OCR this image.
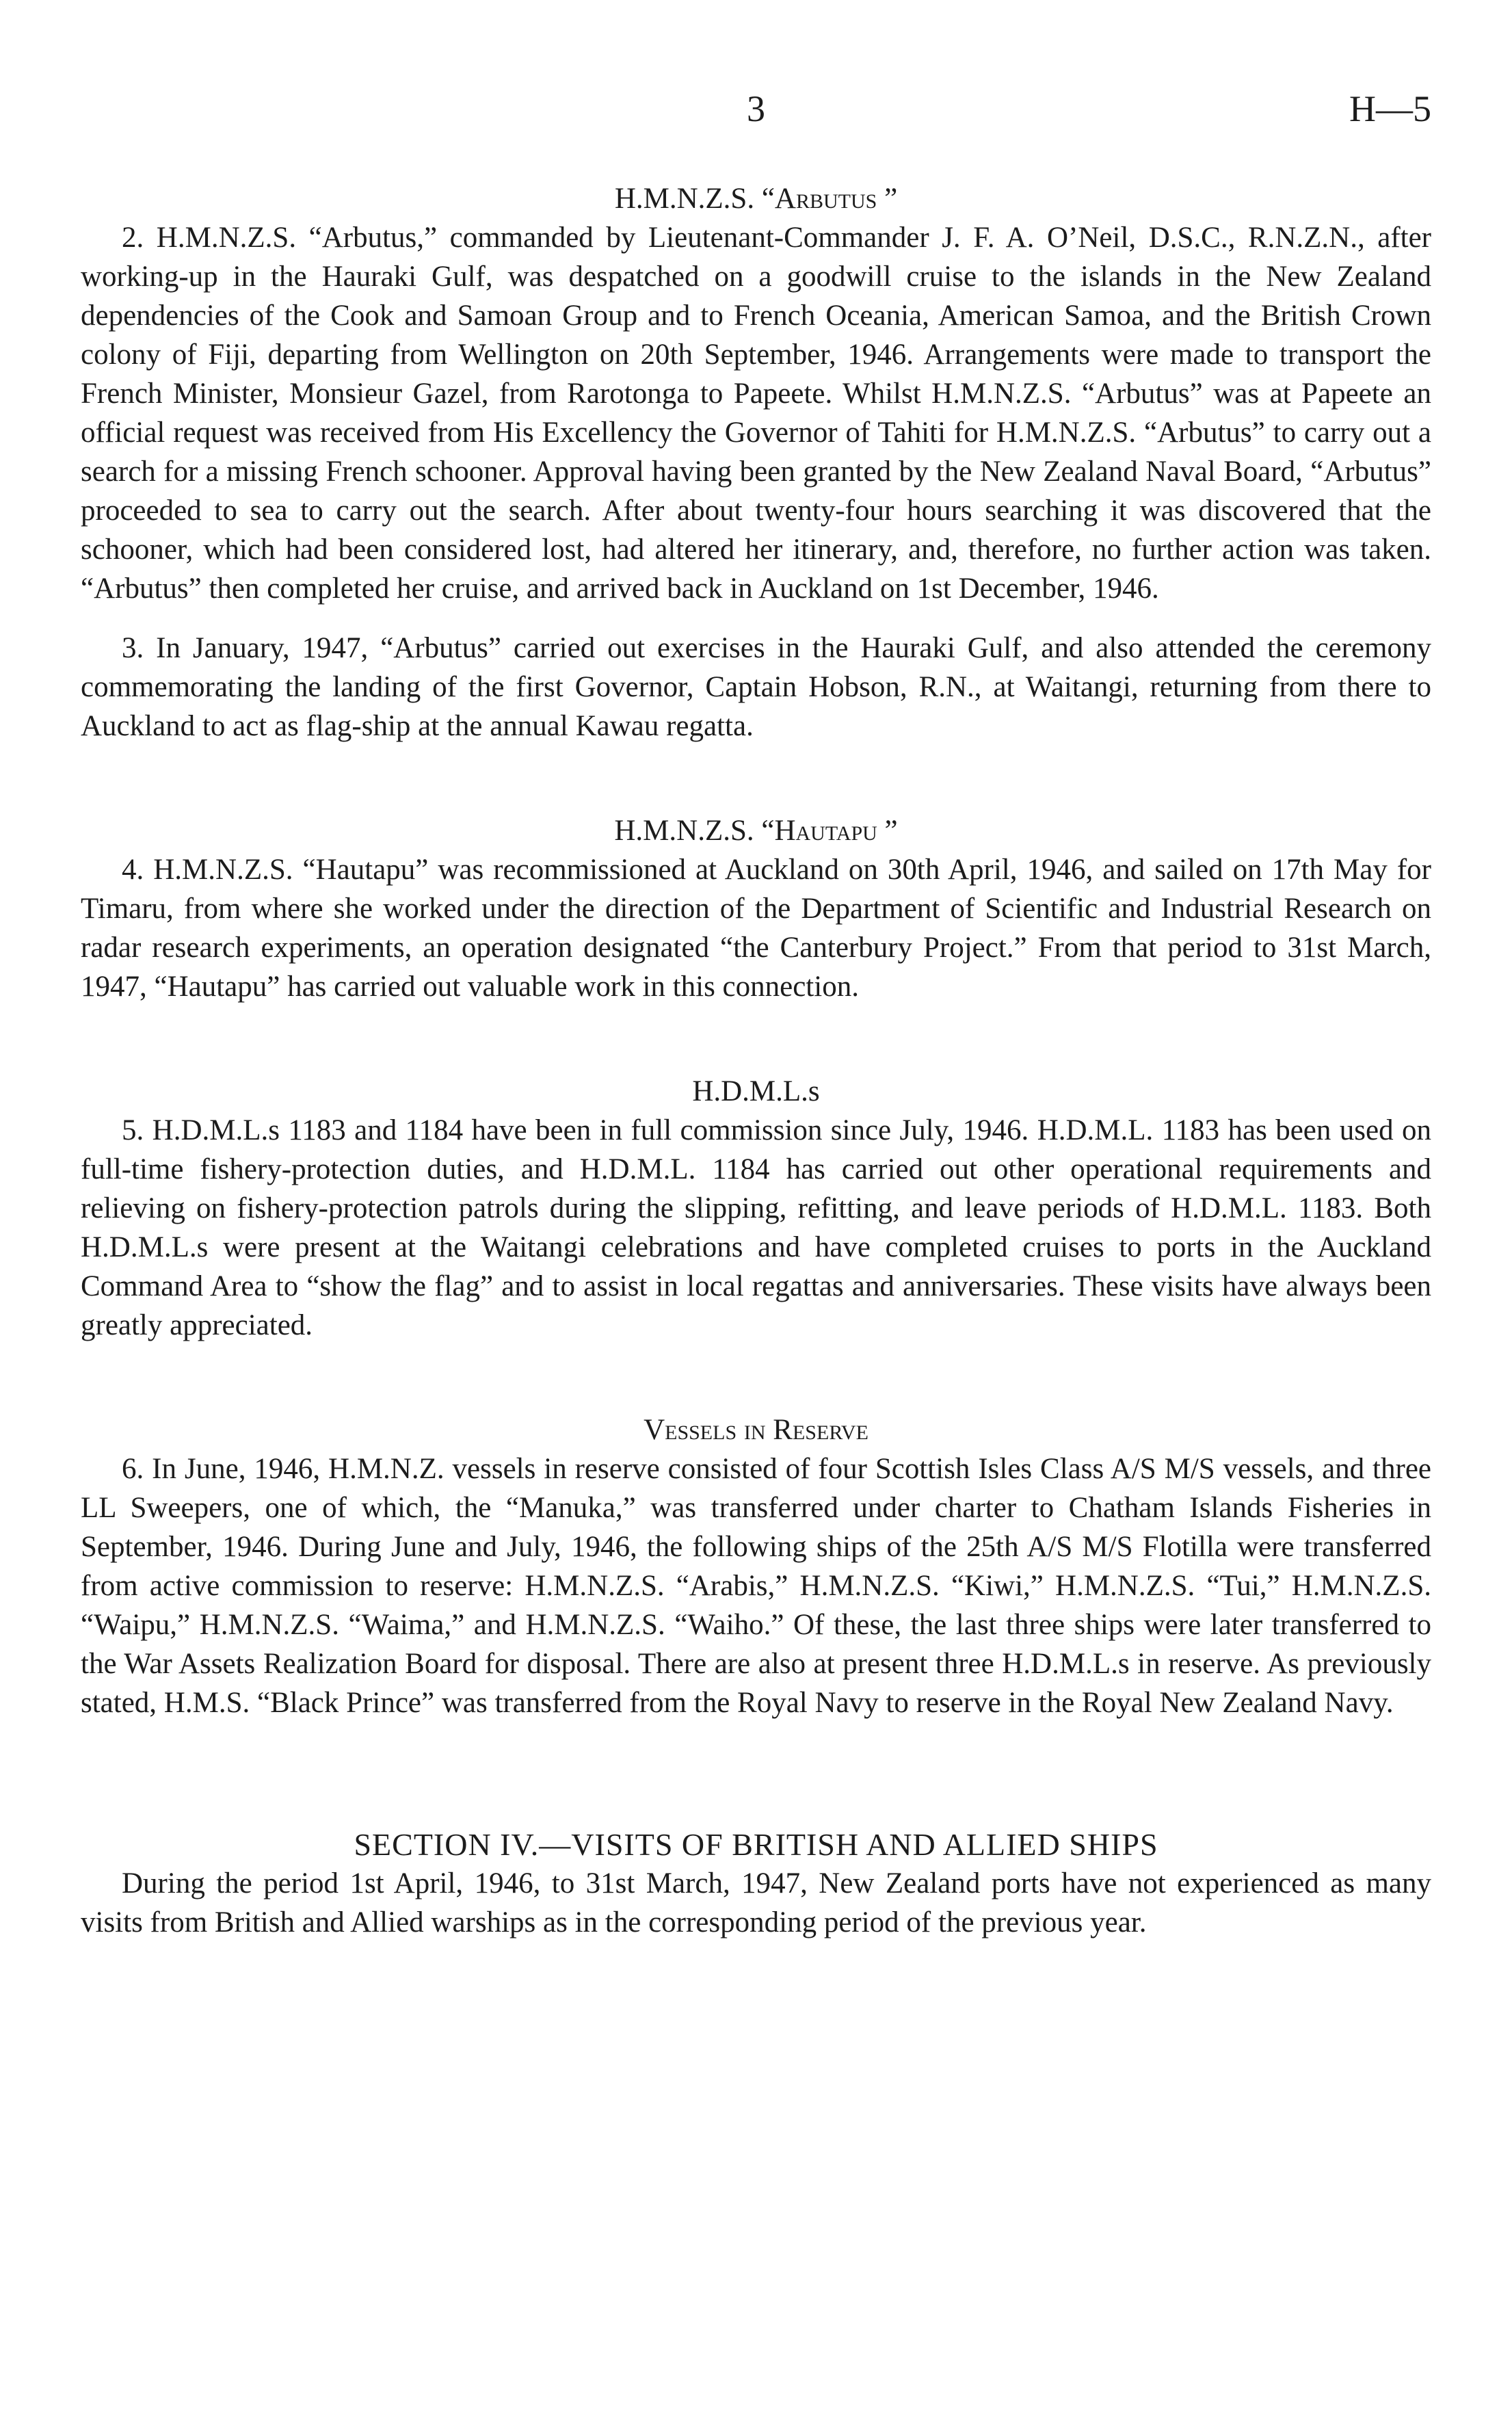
3	H—5
H.M.N.Z.S. “Arbutus ”

2. H.M.N.Z.S. “Arbutus,” commanded by Lieutenant-Commander J. F. A. O’Neil, D.S.C., R.N.Z.N., after working-up in the Hauraki Gulf, was despatched on a goodwill cruise to the islands in the New Zealand dependencies of the Cook and Samoan Group and to French Oceania, American Samoa, and the British Crown colony of Fiji, departing from Wellington on 20th September, 1946. Arrangements were made to transport the French Minister, Monsieur Gazel, from Rarotonga to Papeete. Whilst H.M.N.Z.S. “Arbutus” was at Papeete an official request was received from His Excellency the Governor of Tahiti for H.M.N.Z.S. “Arbutus” to carry out a search for a missing French schooner. Approval having been granted by the New Zealand Naval Board, “Arbutus” proceeded to sea to carry out the search. After about twenty-four hours searching it was discovered that the schooner, which had been considered lost, had altered her itinerary, and, therefore, no further action was taken. “Arbutus” then completed her cruise, and arrived back in Auckland on 1st December, 1946.

3. In January, 1947, “Arbutus” carried out exercises in the Hauraki Gulf, and also attended the ceremony commemorating the landing of the first Governor, Captain Hobson, R.N., at Waitangi, returning from there to Auckland to act as flag-ship at the annual Kawau regatta.

H.M.N.Z.S. “Hautapu ”

4. H.M.N.Z.S. “Hautapu” was recommissioned at Auckland on 30th April, 1946, and sailed on 17th May for Timaru, from where she worked under the direction of the Department of Scientific and Industrial Research on radar research experiments, an operation designated “the Canterbury Project.” From that period to 31st March, 1947, “Hautapu” has carried out valuable work in this connection.

H.D.M.L.s

5. H.D.M.L.s 1183 and 1184 have been in full commission since July, 1946. H.D.M.L. 1183 has been used on full-time fishery-protection duties, and H.D.M.L. 1184 has carried out other operational requirements and relieving on fishery-protection patrols during the slipping, refitting, and leave periods of H.D.M.L. 1183. Both H.D.M.L.s were present at the Waitangi celebrations and have completed cruises to ports in the Auckland Command Area to “show the flag” and to assist in local regattas and anniversaries. These visits have always been greatly appreciated.

Vessels in Reserve

6. In June, 1946, H.M.N.Z. vessels in reserve consisted of four Scottish Isles Class A/S M/S vessels, and three LL Sweepers, one of which, the “Manuka,” was transferred under charter to Chatham Islands Fisheries in September, 1946. During June and July, 1946, the following ships of the 25th A/S M/S Flotilla were transferred from active commission to reserve: H.M.N.Z.S. “Arabis,” H.M.N.Z.S. “Kiwi,” H.M.N.Z.S. “Tui,” H.M.N.Z.S. “Waipu,” H.M.N.Z.S. “Waima,” and H.M.N.Z.S. “Waiho.” Of these, the last three ships were later transferred to the War Assets Realization Board for disposal. There are also at present three H.D.M.L.s in reserve. As previously stated, H.M.S. “Black Prince” was transferred from the Royal Navy to reserve in the Royal New Zealand Navy.

SECTION IV.—VISITS OF BRITISH AND ALLIED SHIPS

During the period 1st April, 1946, to 31st March, 1947, New Zealand ports have not experienced as many visits from British and Allied warships as in the corresponding period of the previous year.
